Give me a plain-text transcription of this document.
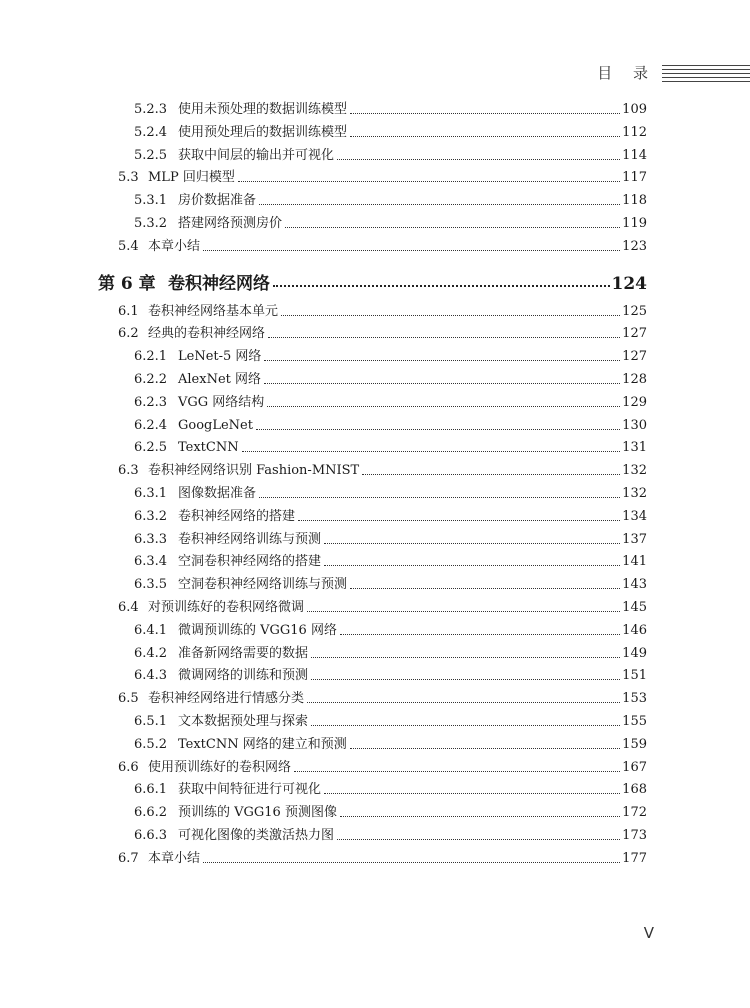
目 录
5.2.3 使用未预处理的数据训练模型	109
5.2.4 使用预处理后的数据训练模型	112
5.2.5 获取中间层的输出并可视化	114
5.3 MLP 回归模型	117
5.3.1 房价数据准备	118
5.3.2 搭建网络预测房价	119
5.4 本章小结	123
第 6 章 卷积神经网络	124
6.1 卷积神经网络基本单元	125
6.2 经典的卷积神经网络	127
6.2.1 LeNet-5 网络	127
6.2.2 AlexNet 网络	128
6.2.3 VGG 网络结构	129
6.2.4 GoogLeNet	130
6.2.5 TextCNN	131
6.3 卷积神经网络识别 Fashion-MNIST	132
6.3.1 图像数据准备	132
6.3.2 卷积神经网络的搭建	134
6.3.3 卷积神经网络训练与预测	137
6.3.4 空洞卷积神经网络的搭建	141
6.3.5 空洞卷积神经网络训练与预测	143
6.4 对预训练好的卷积网络微调	145
6.4.1 微调预训练的 VGG16 网络	146
6.4.2 准备新网络需要的数据	149
6.4.3 微调网络的训练和预测	151
6.5 卷积神经网络进行情感分类	153
6.5.1 文本数据预处理与探索	155
6.5.2 TextCNN 网络的建立和预测	159
6.6 使用预训练好的卷积网络	167
6.6.1 获取中间特征进行可视化	168
6.6.2 预训练的 VGG16 预测图像	172
6.6.3 可视化图像的类激活热力图	173
6.7 本章小结	177
V
